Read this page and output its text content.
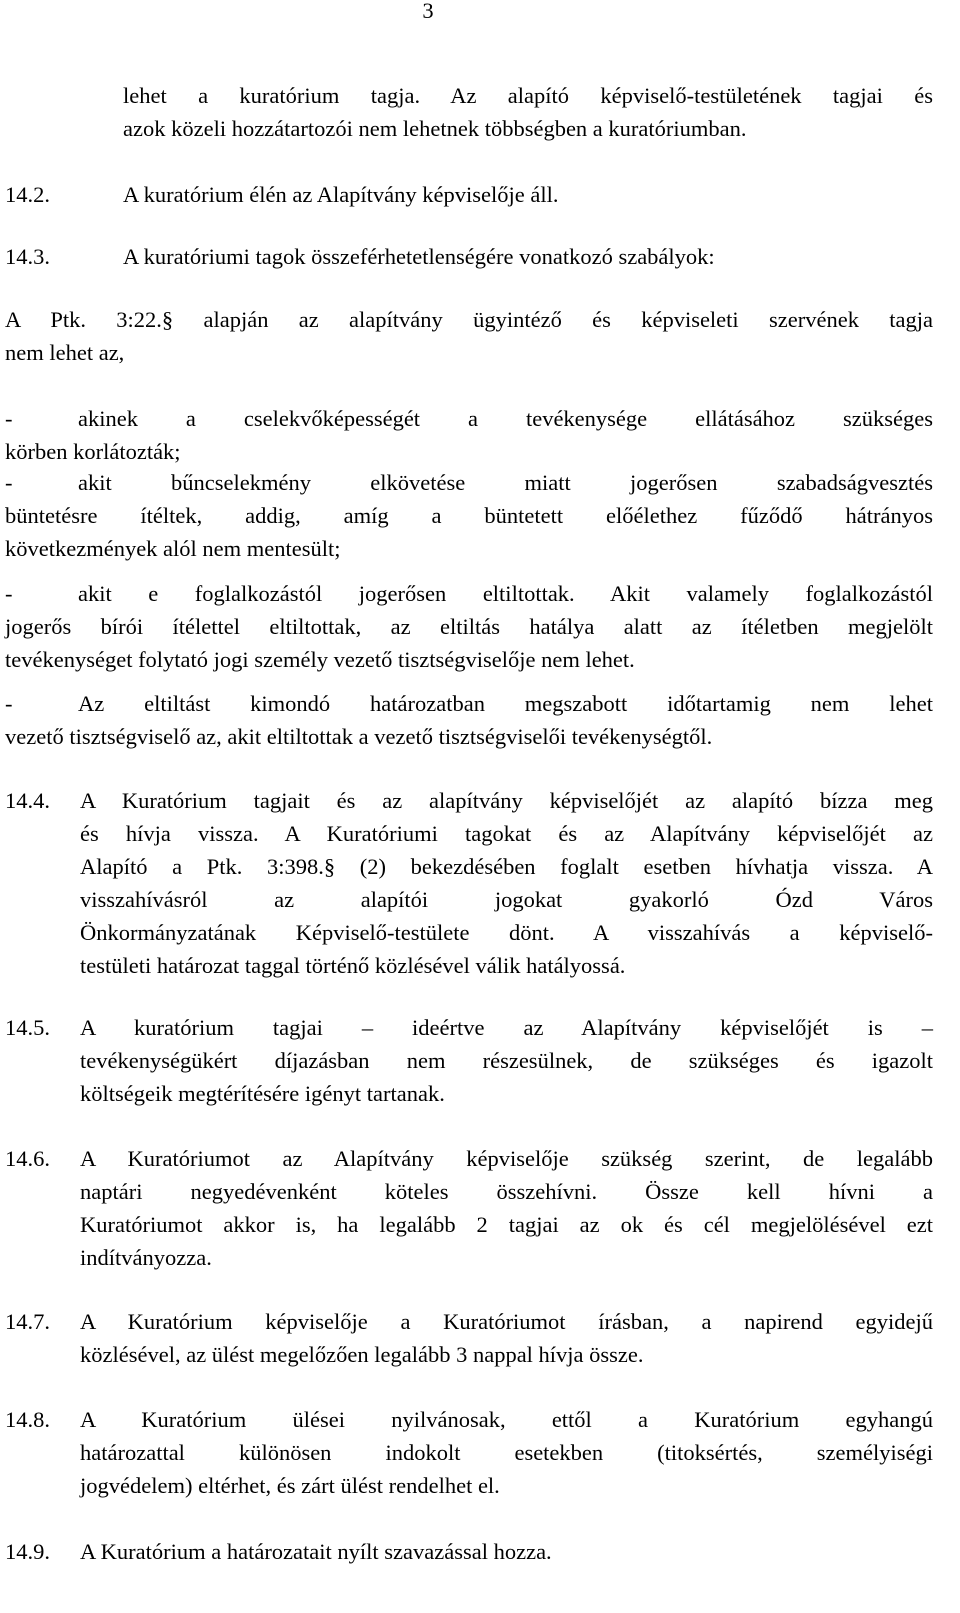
3
lehet a kuratórium tagja. Az alapító képviselő-testületének tagjai és
azok közeli hozzátartozói nem lehetnek többségben a kuratóriumban.
14.2.	A kuratórium élén az Alapítvány képviselője áll.
14.3.	A kuratóriumi tagok összeférhetetlenségére vonatkozó szabályok:
A Ptk. 3:22.§ alapján az alapítvány ügyintéző és képviseleti szervének tagja
nem lehet az,
-	akinek a cselekvőképességét a tevékenysége ellátásához szükséges
körben korlátozták;
-	akit bűncselekmény elkövetése miatt jogerősen szabadságvesztés
büntetésre ítéltek, addig, amíg a büntetett előélethez fűződő hátrányos
következmények alól nem mentesült;
-	akit e foglalkozástól jogerősen eltiltottak. Akit valamely foglalkozástól
jogerős bírói ítélettel eltiltottak, az eltiltás hatálya alatt az ítéletben megjelölt
tevékenységet folytató jogi személy vezető tisztségviselője nem lehet.
-	Az eltiltást kimondó határozatban megszabott időtartamig nem lehet
vezető tisztségviselő az, akit eltiltottak a vezető tisztségviselői tevékenységtől.
14.4. A Kuratórium tagjait és az alapítvány képviselőjét az alapító bízza meg
és hívja vissza. A Kuratóriumi tagokat és az Alapítvány képviselőjét az
Alapító a Ptk. 3:398.§ (2) bekezdésében foglalt esetben hívhatja vissza. A
visszahívásról az alapítói jogokat gyakorló Ózd Város
Önkormányzatának Képviselő-testülete dönt. A visszahívás a képviselő-
testületi határozat taggal történő közlésével válik hatályossá.
14.5. A kuratórium tagjai – ideértve az Alapítvány képviselőjét is –
tevékenységükért díjazásban nem részesülnek, de szükséges és igazolt
költségeik megtérítésére igényt tartanak.
14.6. A Kuratóriumot az Alapítvány képviselője szükség szerint, de legalább
naptári negyedévenként köteles összehívni. Össze kell hívni a
Kuratóriumot akkor is, ha legalább 2 tagjai az ok és cél megjelölésével ezt
indítványozza.
14.7. A Kuratórium képviselője a Kuratóriumot írásban, a napirend egyidejű
közlésével, az ülést megelőzően legalább 3 nappal hívja össze.
14.8. A Kuratórium ülései nyilvánosak, ettől a Kuratórium egyhangú
határozattal különösen indokolt esetekben (titoksértés, személyiségi
jogvédelem) eltérhet, és zárt ülést rendelhet el.
14.9. A Kuratórium a határozatait nyílt szavazással hozza.
